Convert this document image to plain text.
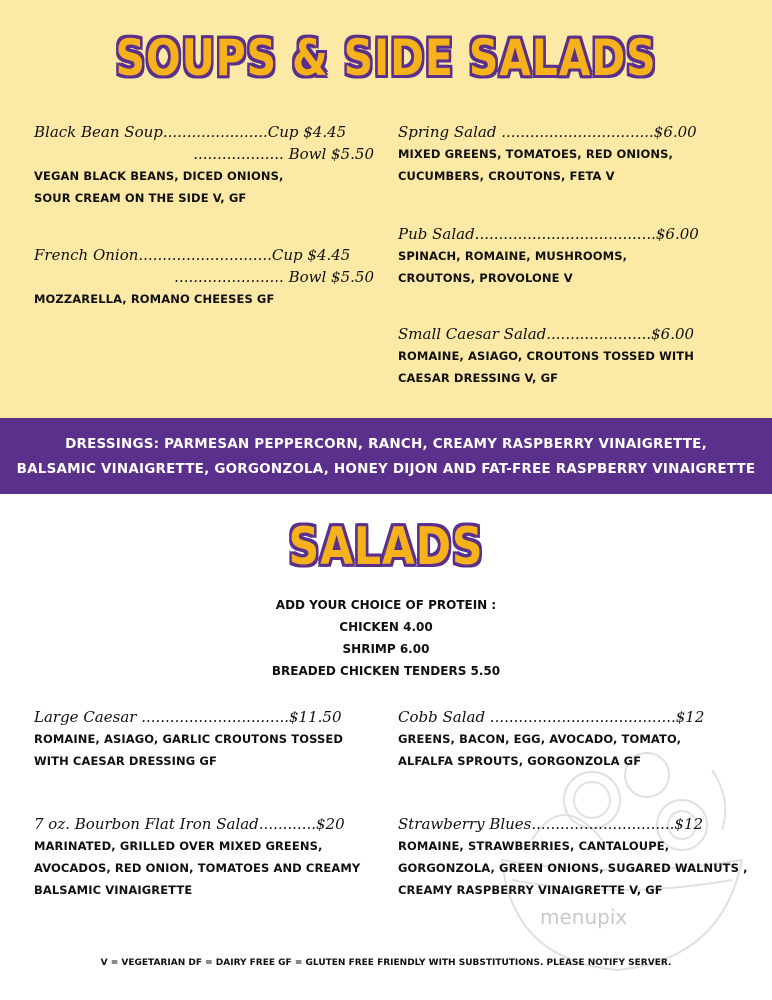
SOUPS & SIDE SALADS
Black Bean Soup......................Cup $4.45
................... Bowl $5.50
VEGAN BLACK BEANS, DICED ONIONS, SOUR CREAM ON THE SIDE V, GF
French Onion............................Cup $4.45
....................... Bowl $5.50
MOZZARELLA, ROMANO CHEESES GF
Spring Salad ................................$6.00
MIXED GREENS, TOMATOES, RED ONIONS, CUCUMBERS, CROUTONS, FETA V
Pub Salad......................................$6.00
SPINACH, ROMAINE, MUSHROOMS, CROUTONS, PROVOLONE V
Small Caesar Salad......................$6.00
ROMAINE, ASIAGO, CROUTONS TOSSED WITH CAESAR DRESSING V, GF
DRESSINGS: PARMESAN PEPPERCORN, RANCH, CREAMY RASPBERRY VINAIGRETTE,
BALSAMIC VINAIGRETTE, GORGONZOLA, HONEY DIJON AND FAT-FREE RASPBERRY VINAIGRETTE
SALADS
ADD YOUR CHOICE OF PROTEIN :
CHICKEN 4.00
SHRIMP 6.00
BREADED CHICKEN TENDERS 5.50
Large Caesar ...............................$11.50
ROMAINE, ASIAGO, GARLIC CROUTONS TOSSED WITH CAESAR DRESSING GF
7 oz. Bourbon Flat Iron Salad............$20
MARINATED, GRILLED OVER MIXED GREENS, AVOCADOS, RED ONION, TOMATOES AND CREAMY BALSAMIC VINAIGRETTE
Cobb Salad .......................................$12
GREENS, BACON, EGG, AVOCADO, TOMATO, ALFALFA SPROUTS, GORGONZOLA GF
Strawberry Blues..............................$12
ROMAINE, STRAWBERRIES, CANTALOUPE, GORGONZOLA, GREEN ONIONS, SUGARED WALNUTS , CREAMY RASPBERRY VINAIGRETTE V, GF
menupix
V = VEGETARIAN DF = DAIRY FREE GF = GLUTEN FREE FRIENDLY WITH SUBSTITUTIONS. PLEASE NOTIFY SERVER.
